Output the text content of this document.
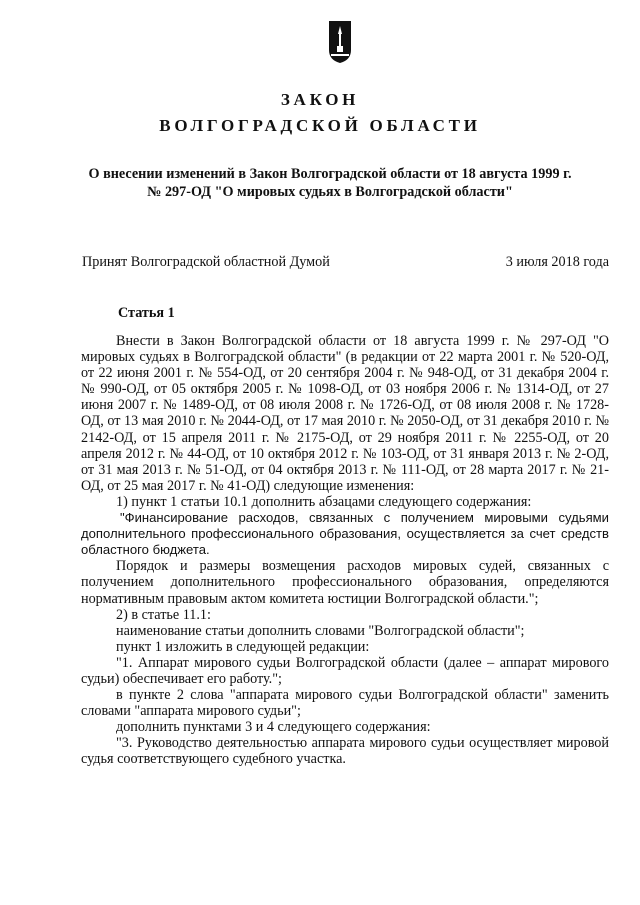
ЗАКОН
ВОЛГОГРАДСКОЙ ОБЛАСТИ
О внесении изменений в Закон Волгоградской области от 18 августа 1999 г.
№ 297-ОД "О мировых судьях в Волгоградской области"
Принят Волгоградской областной Думой	3 июля 2018 года
Статья 1

Внести в Закон Волгоградской области от 18 августа 1999 г. № 297-ОД "О мировых судьях в Волгоградской области" (в редакции от 22 марта 2001 г. № 520-ОД, от 22 июня 2001 г. № 554-ОД, от 20 сентября 2004 г. № 948-ОД, от 31 декабря 2004 г. № 990-ОД, от 05 октября 2005 г. № 1098-ОД, от 03 ноября 2006 г. № 1314-ОД, от 27 июня 2007 г. № 1489-ОД, от 08 июля 2008 г. № 1726-ОД, от 08 июля 2008 г. № 1728-ОД, от 13 мая 2010 г. № 2044-ОД, от 17 мая 2010 г. № 2050-ОД, от 31 декабря 2010 г. № 2142-ОД, от 15 апреля 2011 г. № 2175-ОД, от 29 ноября 2011 г. № 2255-ОД, от 20 апреля 2012 г. № 44-ОД, от 10 октября 2012 г. № 103-ОД, от 31 января 2013 г. № 2-ОД, от 31 мая 2013 г. № 51-ОД, от 04 октября 2013 г. № 111-ОД, от 28 марта 2017 г. № 21-ОД, от 25 мая 2017 г. № 41-ОД) следующие изменения:

1) пункт 1 статьи 10.1 дополнить абзацами следующего содержания:

"Финансирование расходов, связанных с получением мировыми судьями дополнительного профессионального образования, осуществляется за счет средств областного бюджета.

Порядок и размеры возмещения расходов мировых судей, связанных с получением дополнительного профессионального образования, определяются нормативным правовым актом комитета юстиции Волгоградской области.";

2) в статье 11.1:

наименование статьи дополнить словами "Волгоградской области";

пункт 1 изложить в следующей редакции:

"1. Аппарат мирового судьи Волгоградской области (далее – аппарат мирового судьи) обеспечивает его работу.";

в пункте 2 слова "аппарата мирового судьи Волгоградской области" заменить словами "аппарата мирового судьи";

дополнить пунктами 3 и 4 следующего содержания:

"3. Руководство деятельностью аппарата мирового судьи осуществляет мировой судья соответствующего судебного участка.
